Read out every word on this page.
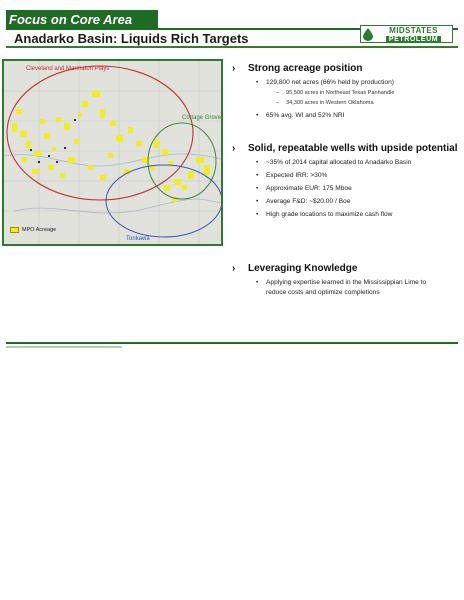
Focus on Core Area
Anadarko Basin: Liquids Rich Targets
MIDSTATES
PETROLEUM
Cleveland and Marmaton Plays
Cottage Grove
Tonkawa
MPO Acreage
›	Strong acreage position
•	129,800 net acres (66% held by production)
–	95,500 acres in Northeast Texas Panhandle
–	34,300 acres in Western Oklahoma
•	65% avg. WI and 52% NRI
›	Solid, repeatable wells with upside potential
•	~35% of 2014 capital allocated to Anadarko Basin
•	Expected IRR: >30%
•	Approximate EUR: 175 Mboe
•	Average F&D: ~$20.00 / Boe
•	High grade locations to maximize cash flow
›	Leveraging Knowledge
•	Applying expertise learned in the Mississippian Lime to reduce costs and optimize completions
